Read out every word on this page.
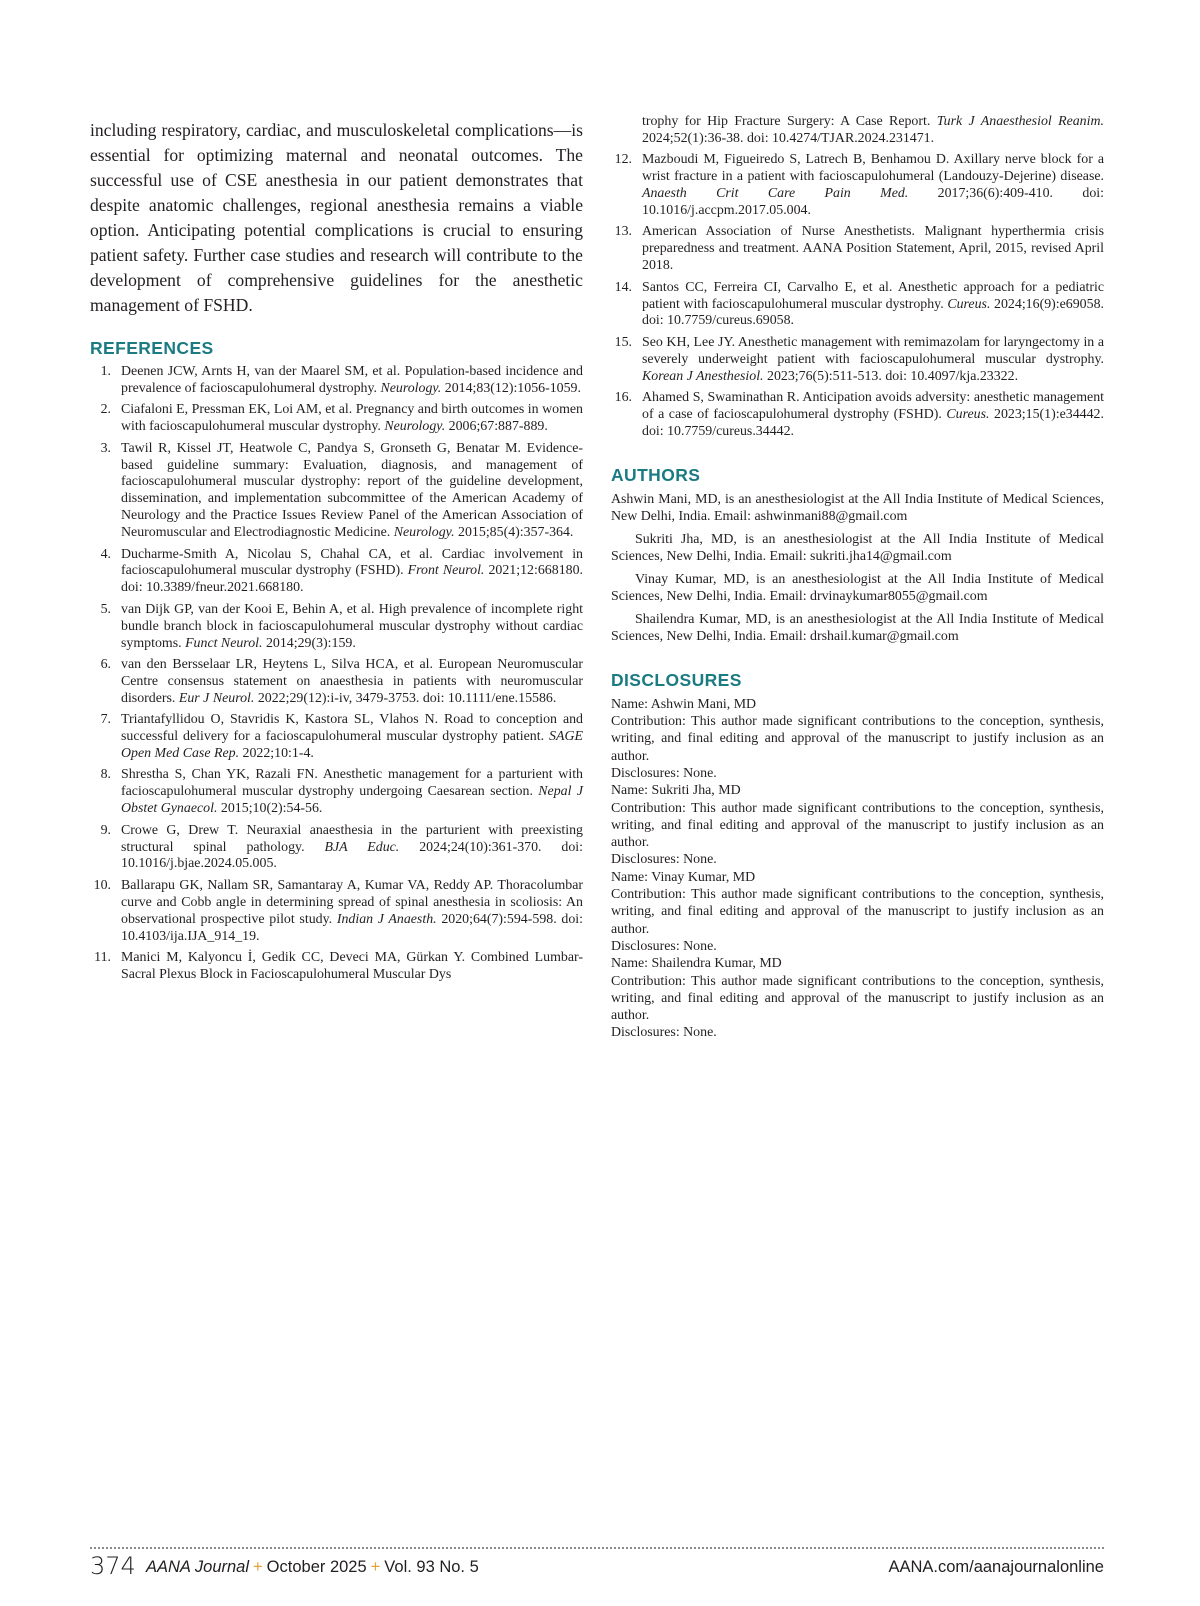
including respiratory, cardiac, and musculoskeletal complications—is essential for optimizing maternal and neonatal outcomes. The successful use of CSE anesthesia in our patient demonstrates that despite anatomic challenges, regional anesthesia remains a viable option. Anticipating potential complications is crucial to ensuring patient safety. Further case studies and research will contribute to the development of comprehensive guidelines for the anesthetic management of FSHD.

REFERENCES
1. Deenen JCW, Arnts H, van der Maarel SM, et al. Population-based incidence and prevalence of facioscapulohumeral dystrophy. Neurology. 2014;83(12):1056-1059.
2. Ciafaloni E, Pressman EK, Loi AM, et al. Pregnancy and birth outcomes in women with facioscapulohumeral muscular dystrophy. Neurology. 2006;67:887-889.
3. Tawil R, Kissel JT, Heatwole C, Pandya S, Gronseth G, Benatar M. Evidence-based guideline summary: Evaluation, diagnosis, and management of facioscapulohumeral muscular dystrophy: report of the guideline development, dissemination, and implementation subcommittee of the American Academy of Neurology and the Practice Issues Review Panel of the American Association of Neuromuscular and Electrodiagnostic Medicine. Neurology. 2015;85(4):357-364.
4. Ducharme-Smith A, Nicolau S, Chahal CA, et al. Cardiac involvement in facioscapulohumeral muscular dystrophy (FSHD). Front Neurol. 2021;12:668180. doi: 10.3389/fneur.2021.668180.
5. van Dijk GP, van der Kooi E, Behin A, et al. High prevalence of incomplete right bundle branch block in facioscapulohumeral muscular dystrophy without cardiac symptoms. Funct Neurol. 2014;29(3):159.
6. van den Bersselaar LR, Heytens L, Silva HCA, et al. European Neuromuscular Centre consensus statement on anaesthesia in patients with neuromuscular disorders. Eur J Neurol. 2022;29(12):i-iv, 3479-3753. doi: 10.1111/ene.15586.
7. Triantafyllidou O, Stavridis K, Kastora SL, Vlahos N. Road to conception and successful delivery for a facioscapulohumeral muscular dystrophy patient. SAGE Open Med Case Rep. 2022;10:1-4.
8. Shrestha S, Chan YK, Razali FN. Anesthetic management for a parturient with facioscapulohumeral muscular dystrophy undergoing Caesarean section. Nepal J Obstet Gynaecol. 2015;10(2):54-56.
9. Crowe G, Drew T. Neuraxial anaesthesia in the parturient with preexisting structural spinal pathology. BJA Educ. 2024;24(10):361-370. doi: 10.1016/j.bjae.2024.05.005.
10. Ballarapu GK, Nallam SR, Samantaray A, Kumar VA, Reddy AP. Thoracolumbar curve and Cobb angle in determining spread of spinal anesthesia in scoliosis: An observational prospective pilot study. Indian J Anaesth. 2020;64(7):594-598. doi: 10.4103/ija.IJA_914_19.
11. Manici M, Kalyoncu İ, Gedik CC, Deveci MA, Gürkan Y. Combined Lumbar-Sacral Plexus Block in Facioscapulohumeral Muscular Dys
trophy for Hip Fracture Surgery: A Case Report. Turk J Anaesthesiol Reanim. 2024;52(1):36-38. doi: 10.4274/TJAR.2024.231471.
12. Mazboudi M, Figueiredo S, Latrech B, Benhamou D. Axillary nerve block for a wrist fracture in a patient with facioscapulohumeral (Landouzy-Dejerine) disease. Anaesth Crit Care Pain Med. 2017;36(6):409-410. doi: 10.1016/j.accpm.2017.05.004.
13. American Association of Nurse Anesthetists. Malignant hyperthermia crisis preparedness and treatment. AANA Position Statement, April, 2015, revised April 2018.
14. Santos CC, Ferreira CI, Carvalho E, et al. Anesthetic approach for a pediatric patient with facioscapulohumeral muscular dystrophy. Cureus. 2024;16(9):e69058. doi: 10.7759/cureus.69058.
15. Seo KH, Lee JY. Anesthetic management with remimazolam for laryngectomy in a severely underweight patient with facioscapulohumeral muscular dystrophy. Korean J Anesthesiol. 2023;76(5):511-513. doi: 10.4097/kja.23322.
16. Ahamed S, Swaminathan R. Anticipation avoids adversity: anesthetic management of a case of facioscapulohumeral dystrophy (FSHD). Cureus. 2023;15(1):e34442. doi: 10.7759/cureus.34442.
AUTHORS

Ashwin Mani, MD, is an anesthesiologist at the All India Institute of Medical Sciences, New Delhi, India. Email: ashwinmani88@gmail.com

Sukriti Jha, MD, is an anesthesiologist at the All India Institute of Medical Sciences, New Delhi, India. Email: sukriti.jha14@gmail.com

Vinay Kumar, MD, is an anesthesiologist at the All India Institute of Medical Sciences, New Delhi, India. Email: drvinaykumar8055@gmail.com

Shailendra Kumar, MD, is an anesthesiologist at the All India Institute of Medical Sciences, New Delhi, India. Email: drshail.kumar@gmail.com

DISCLOSURES

Name: Ashwin Mani, MD

Contribution: This author made significant contributions to the conception, synthesis, writing, and final editing and approval of the manuscript to justify inclusion as an author.

Disclosures: None.

Name: Sukriti Jha, MD

Contribution: This author made significant contributions to the conception, synthesis, writing, and final editing and approval of the manuscript to justify inclusion as an author.

Disclosures: None.

Name: Vinay Kumar, MD

Contribution: This author made significant contributions to the conception, synthesis, writing, and final editing and approval of the manuscript to justify inclusion as an author.

Disclosures: None.

Name: Shailendra Kumar, MD

Contribution: This author made significant contributions to the conception, synthesis, writing, and final editing and approval of the manuscript to justify inclusion as an author.

Disclosures: None.

374 AANA Journal + October 2025 + Vol. 93 No. 5	AANA.com/aanajournalonline
